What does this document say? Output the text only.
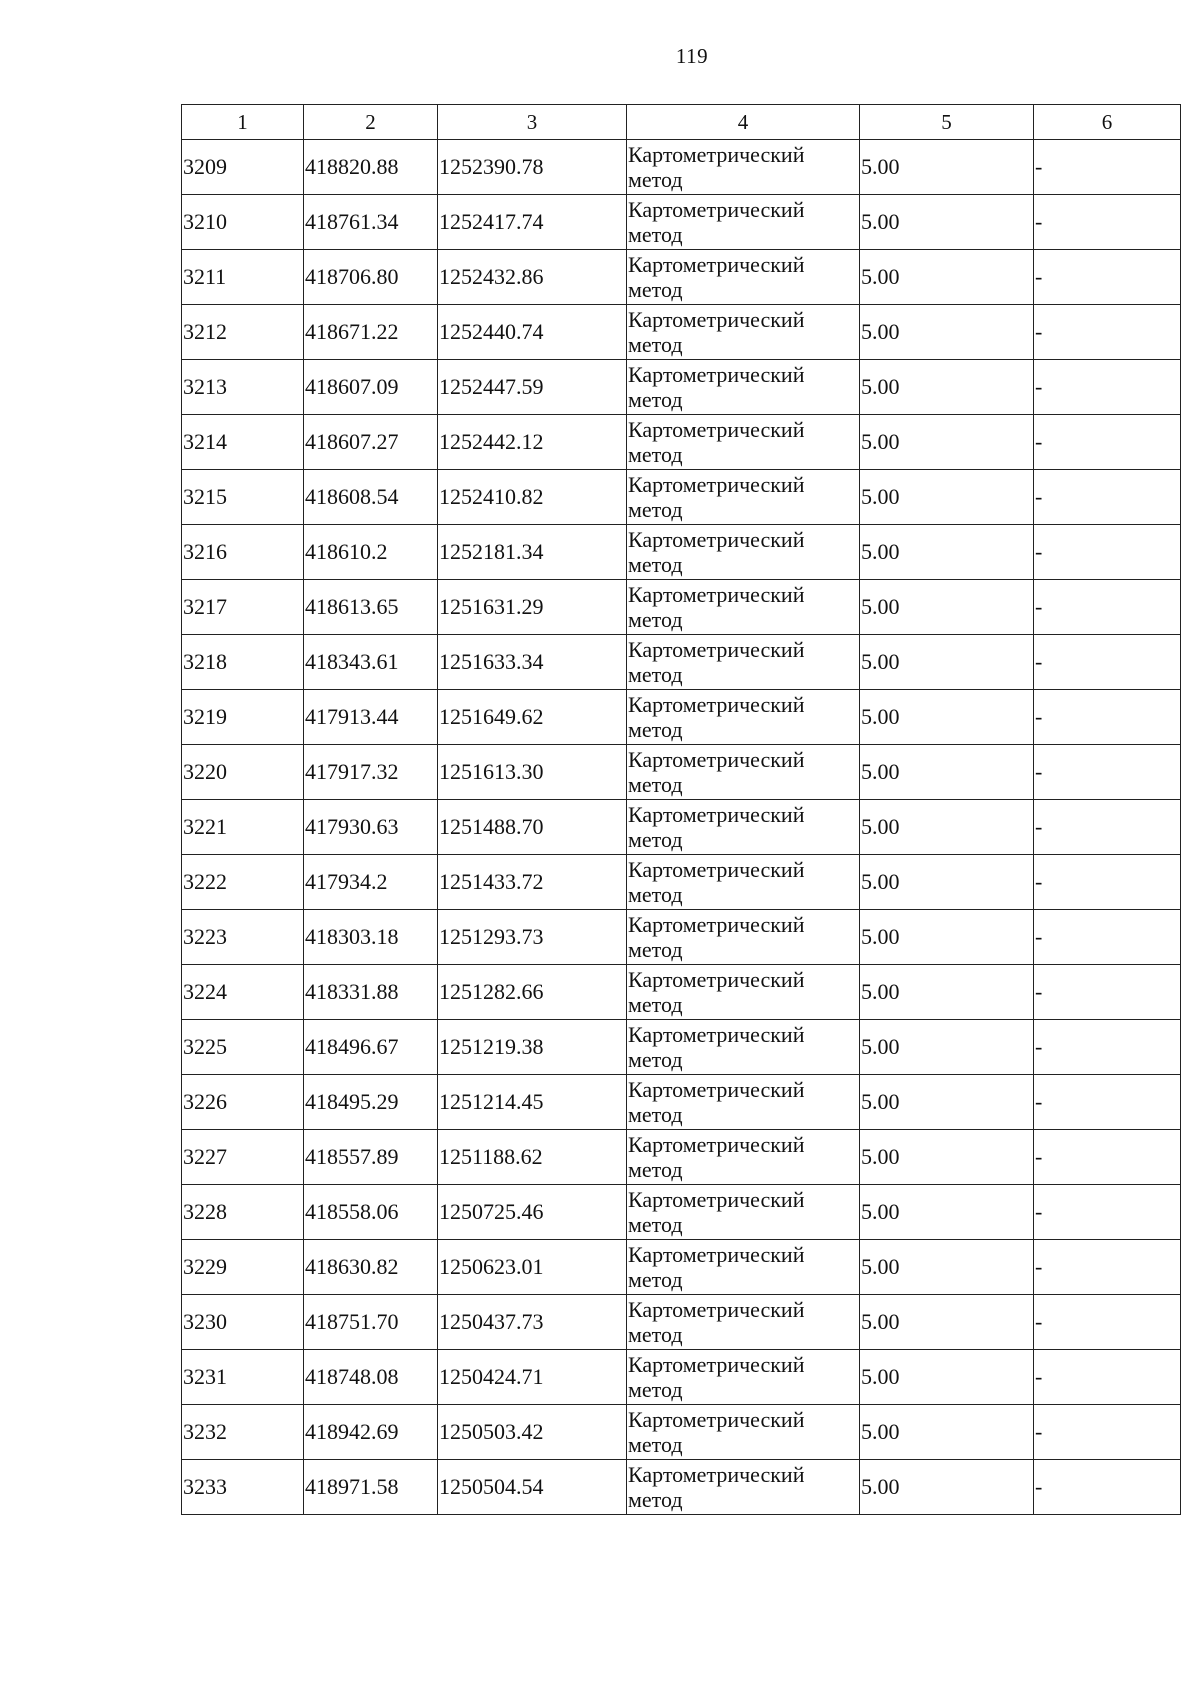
119
1	2	3	4	5	6
3209	418820.88	1252390.78	Картометрический
метод	5.00	-
3210	418761.34	1252417.74	Картометрический
метод	5.00	-
3211	418706.80	1252432.86	Картометрический
метод	5.00	-
3212	418671.22	1252440.74	Картометрический
метод	5.00	-
3213	418607.09	1252447.59	Картометрический
метод	5.00	-
3214	418607.27	1252442.12	Картометрический
метод	5.00	-
3215	418608.54	1252410.82	Картометрический
метод	5.00	-
3216	418610.2	1252181.34	Картометрический
метод	5.00	-
3217	418613.65	1251631.29	Картометрический
метод	5.00	-
3218	418343.61	1251633.34	Картометрический
метод	5.00	-
3219	417913.44	1251649.62	Картометрический
метод	5.00	-
3220	417917.32	1251613.30	Картометрический
метод	5.00	-
3221	417930.63	1251488.70	Картометрический
метод	5.00	-
3222	417934.2	1251433.72	Картометрический
метод	5.00	-
3223	418303.18	1251293.73	Картометрический
метод	5.00	-
3224	418331.88	1251282.66	Картометрический
метод	5.00	-
3225	418496.67	1251219.38	Картометрический
метод	5.00	-
3226	418495.29	1251214.45	Картометрический
метод	5.00	-
3227	418557.89	1251188.62	Картометрический
метод	5.00	-
3228	418558.06	1250725.46	Картометрический
метод	5.00	-
3229	418630.82	1250623.01	Картометрический
метод	5.00	-
3230	418751.70	1250437.73	Картометрический
метод	5.00	-
3231	418748.08	1250424.71	Картометрический
метод	5.00	-
3232	418942.69	1250503.42	Картометрический
метод	5.00	-
3233	418971.58	1250504.54	Картометрический
метод	5.00	-
